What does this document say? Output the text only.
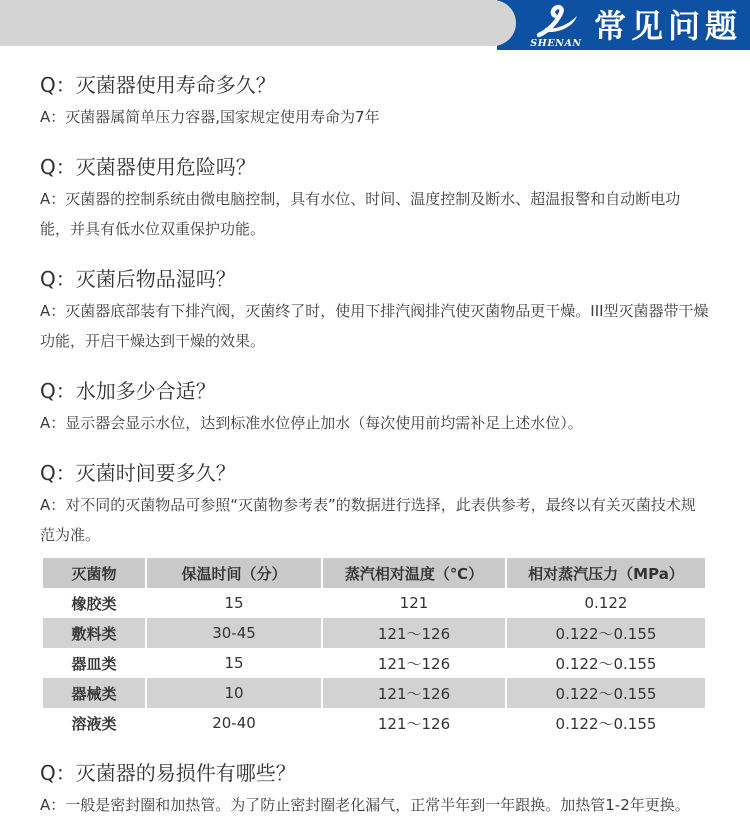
SHENAN 常见问题
Q：灭菌器使用寿命多久？

A：灭菌器属简单压力容器,国家规定使用寿命为7年

Q：灭菌器使用危险吗？

A：灭菌器的控制系统由微电脑控制，具有水位、时间、温度控制及断水、超温报警和自动断电功能，并具有低水位双重保护功能。

Q：灭菌后物品湿吗？

A：灭菌器底部装有下排汽阀，灭菌终了时，使用下排汽阀排汽使灭菌物品更干燥。III型灭菌器带干燥功能，开启干燥达到干燥的效果。

Q：水加多少合适？

A：显示器会显示水位，达到标准水位停止加水（每次使用前均需补足上述水位）。

Q：灭菌时间要多久？

A：对不同的灭菌物品可参照“灭菌物参考表”的数据进行选择，此表供参考，最终以有关灭菌技术规范为准。

灭菌物	保温时间（分）	蒸汽相对温度（℃）	相对蒸汽压力（MPa）
橡胶类	15	121	0.122
敷料类	30-45	121～126	0.122～0.155
器皿类	15	121～126	0.122～0.155
器械类	10	121～126	0.122～0.155
溶液类	20-40	121～126	0.122～0.155
Q：灭菌器的易损件有哪些？

A：一般是密封圈和加热管。为了防止密封圈老化漏气，正常半年到一年跟换。加热管1-2年更换。
